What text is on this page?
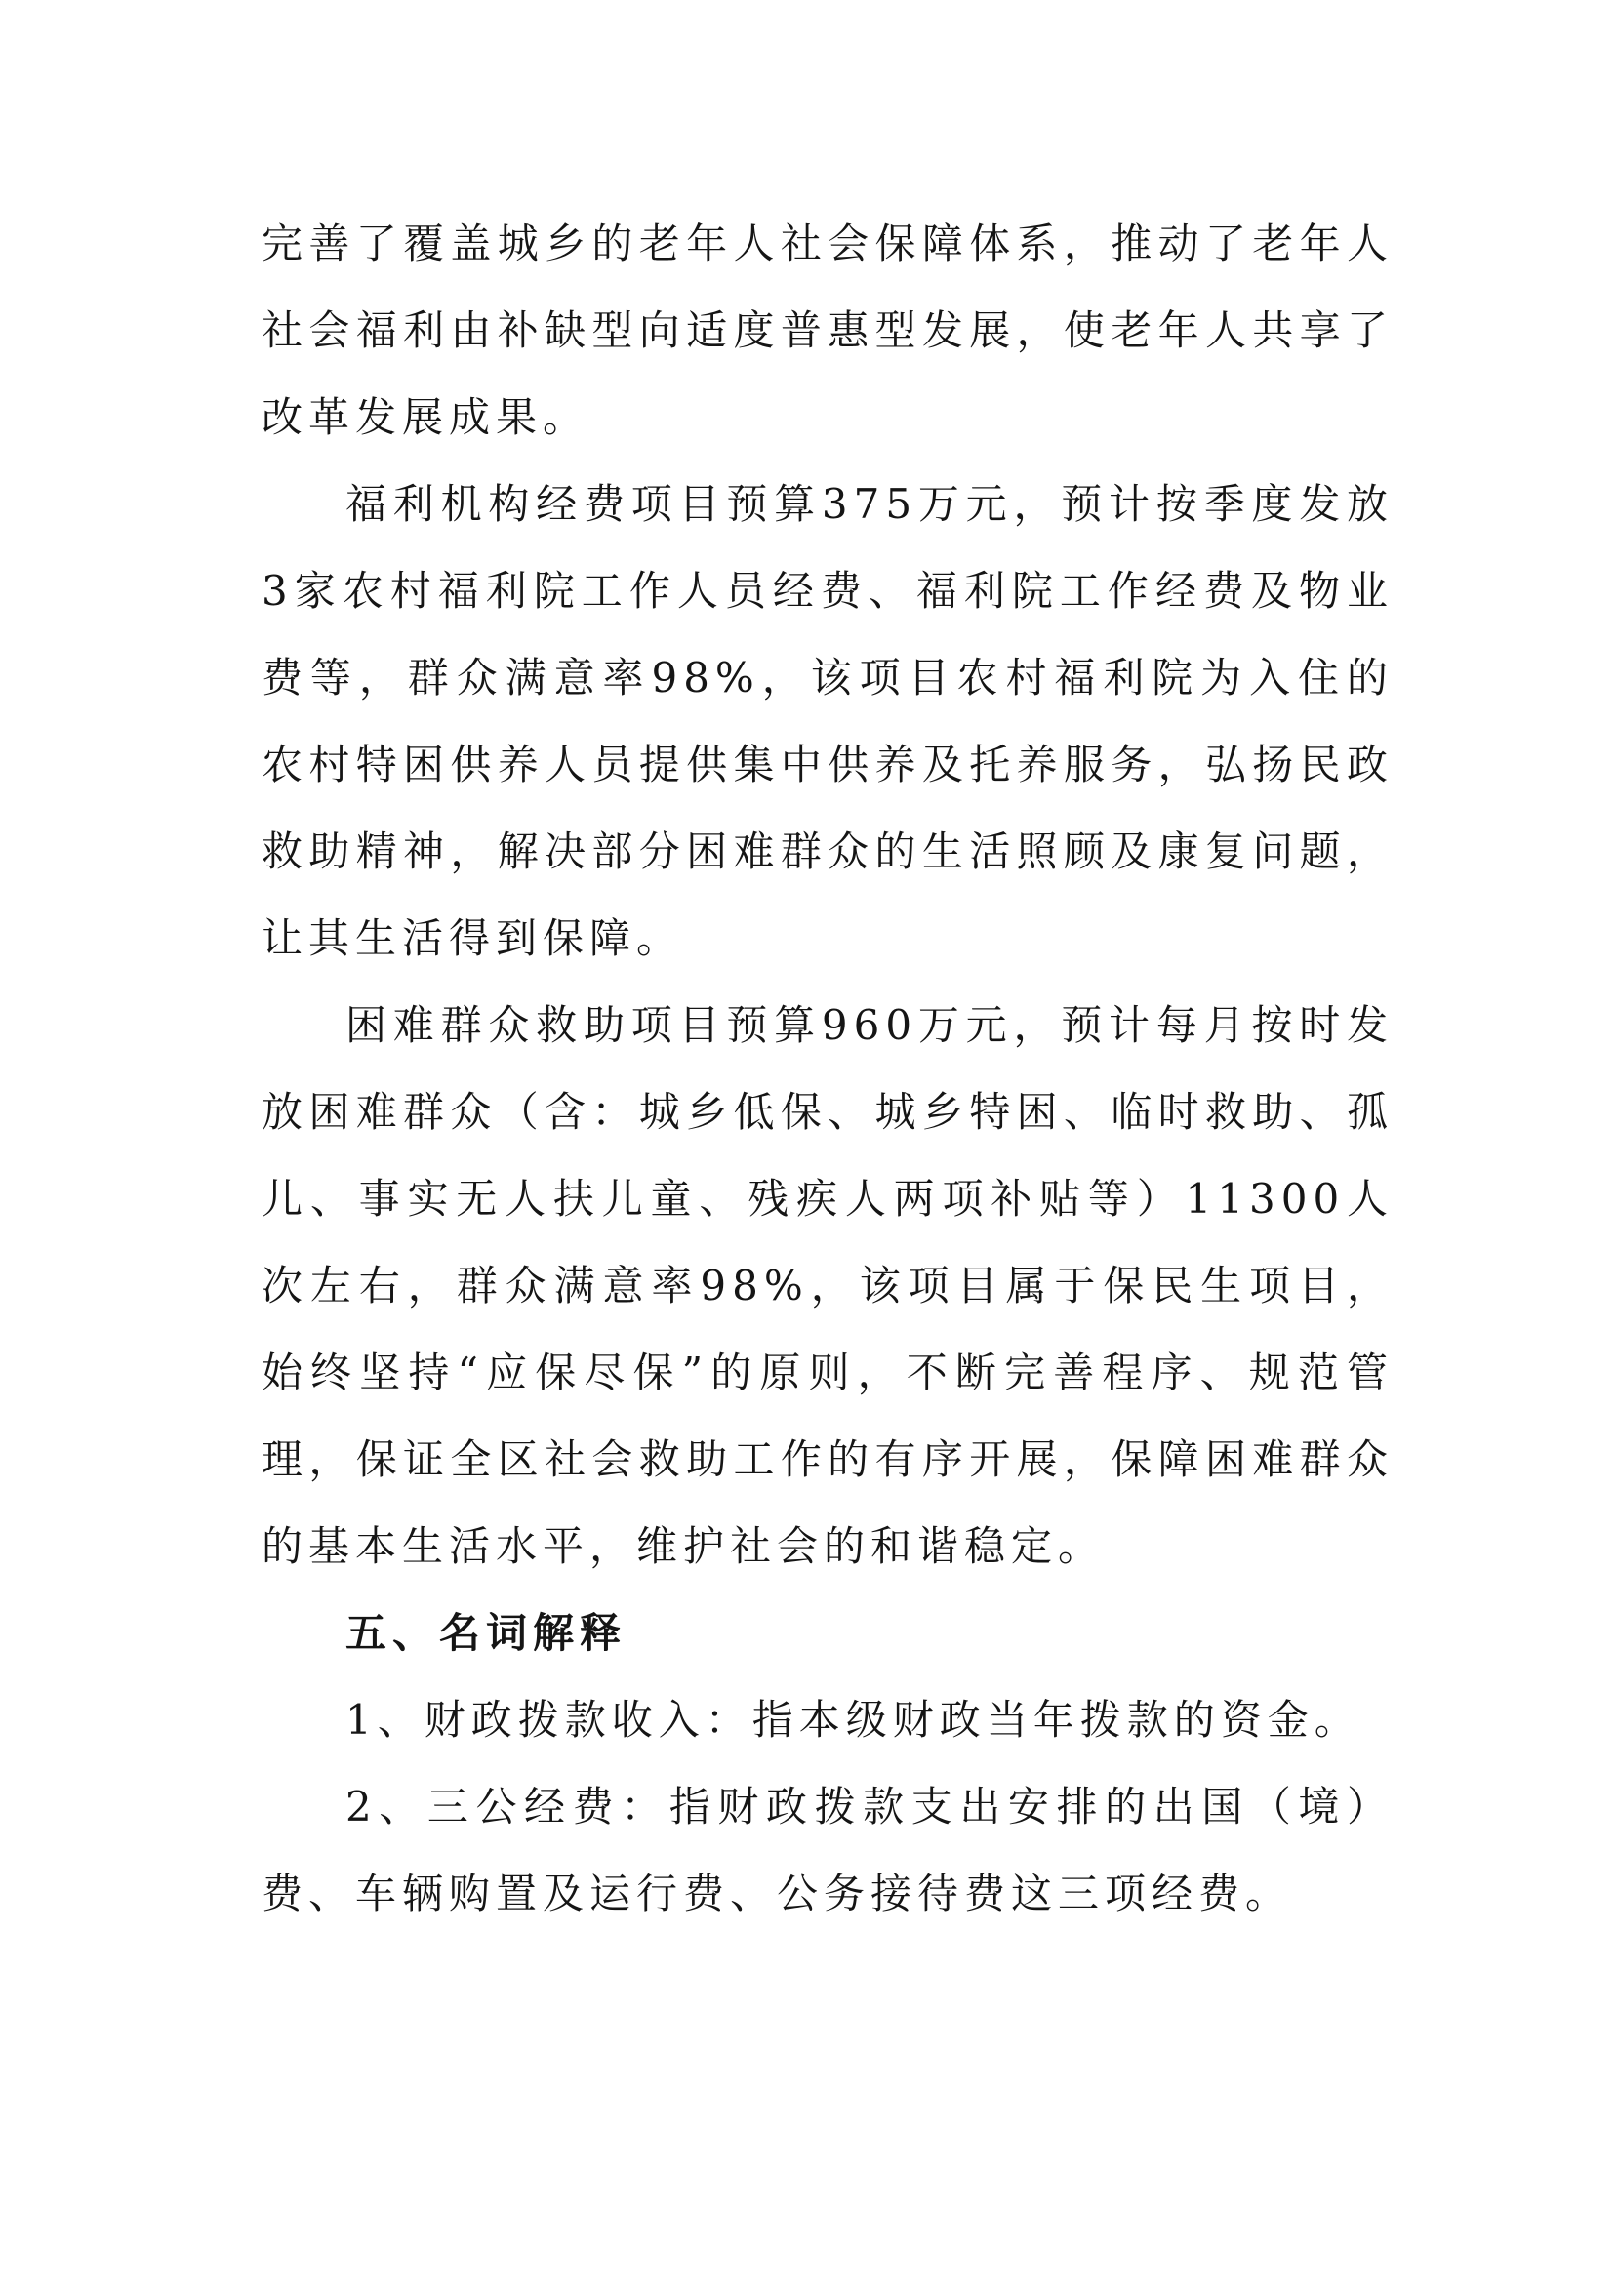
完善了覆盖城乡的老年人社会保障体系，推动了老年人社会福利由补缺型向适度普惠型发展，使老年人共享了改革发展成果。

福利机构经费项目预算375万元，预计按季度发放3家农村福利院工作人员经费、福利院工作经费及物业费等，群众满意率98%，该项目农村福利院为入住的农村特困供养人员提供集中供养及托养服务，弘扬民政救助精神，解决部分困难群众的生活照顾及康复问题，让其生活得到保障。

困难群众救助项目预算960万元，预计每月按时发放困难群众（含：城乡低保、城乡特困、临时救助、孤儿、事实无人扶儿童、残疾人两项补贴等）11300人次左右，群众满意率98%，该项目属于保民生项目，始终坚持“应保尽保”的原则，不断完善程序、规范管理，保证全区社会救助工作的有序开展，保障困难群众的基本生活水平，维护社会的和谐稳定。

五、名词解释

1、财政拨款收入：指本级财政当年拨款的资金。

2、三公经费：指财政拨款支出安排的出国（境）费、车辆购置及运行费、公务接待费这三项经费。
